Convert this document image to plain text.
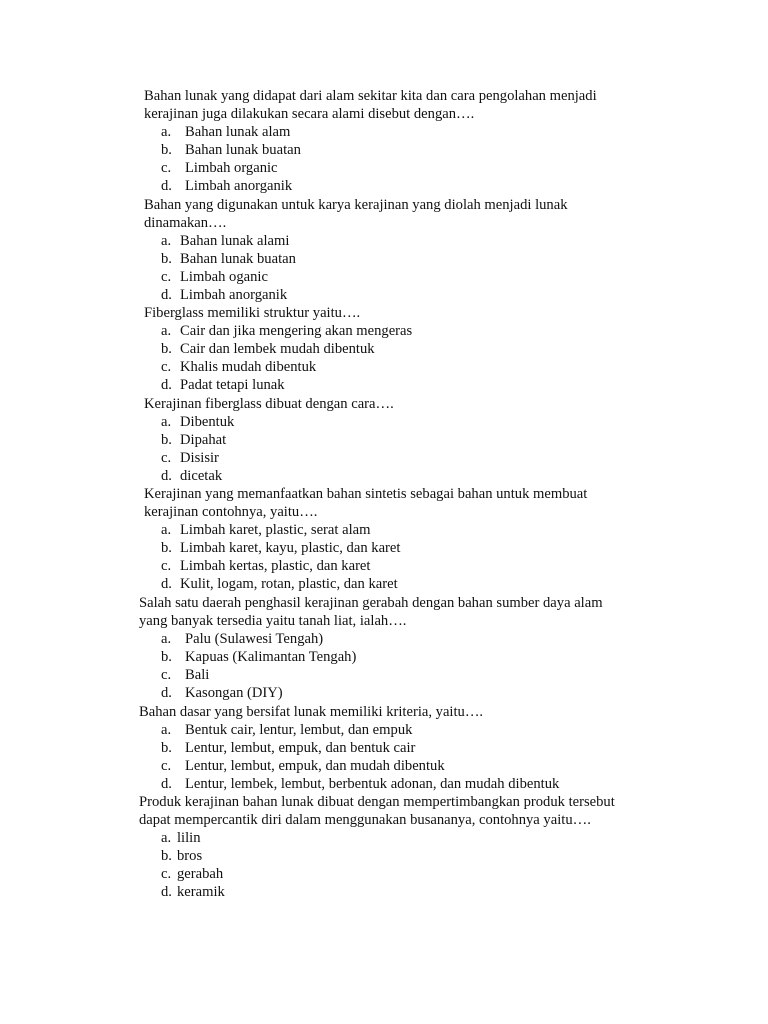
Bahan lunak yang didapat dari alam sekitar kita dan cara pengolahan menjadi
kerajinan juga dilakukan secara alami disebut dengan….
a. Bahan lunak alam
b. Bahan lunak buatan
c. Limbah organic
d. Limbah anorganik
Bahan yang digunakan untuk karya kerajinan yang diolah menjadi lunak
dinamakan….
a. Bahan lunak alami
b. Bahan lunak buatan
c. Limbah oganic
d. Limbah anorganik
Fiberglass memiliki struktur yaitu….
a. Cair dan jika mengering akan mengeras
b. Cair dan lembek mudah dibentuk
c. Khalis mudah dibentuk
d. Padat tetapi lunak
Kerajinan fiberglass dibuat dengan cara….
a. Dibentuk
b. Dipahat
c. Disisir
d. dicetak
Kerajinan yang memanfaatkan bahan sintetis sebagai bahan untuk membuat
kerajinan contohnya, yaitu….
a. Limbah karet, plastic, serat alam
b. Limbah karet, kayu, plastic, dan karet
c. Limbah kertas, plastic, dan karet
d. Kulit, logam, rotan, plastic, dan karet
Salah satu daerah penghasil kerajinan gerabah dengan bahan sumber daya alam
yang banyak tersedia yaitu tanah liat, ialah….
a. Palu (Sulawesi Tengah)
b. Kapuas (Kalimantan Tengah)
c. Bali
d. Kasongan (DIY)
Bahan dasar yang bersifat lunak memiliki kriteria, yaitu….
a. Bentuk cair, lentur, lembut, dan empuk
b. Lentur, lembut, empuk, dan bentuk cair
c. Lentur, lembut, empuk, dan mudah dibentuk
d. Lentur, lembek, lembut, berbentuk adonan, dan mudah dibentuk
Produk kerajinan bahan lunak dibuat dengan mempertimbangkan produk tersebut
dapat mempercantik diri dalam menggunakan busananya, contohnya yaitu….
a. lilin
b. bros
c. gerabah
d. keramik
